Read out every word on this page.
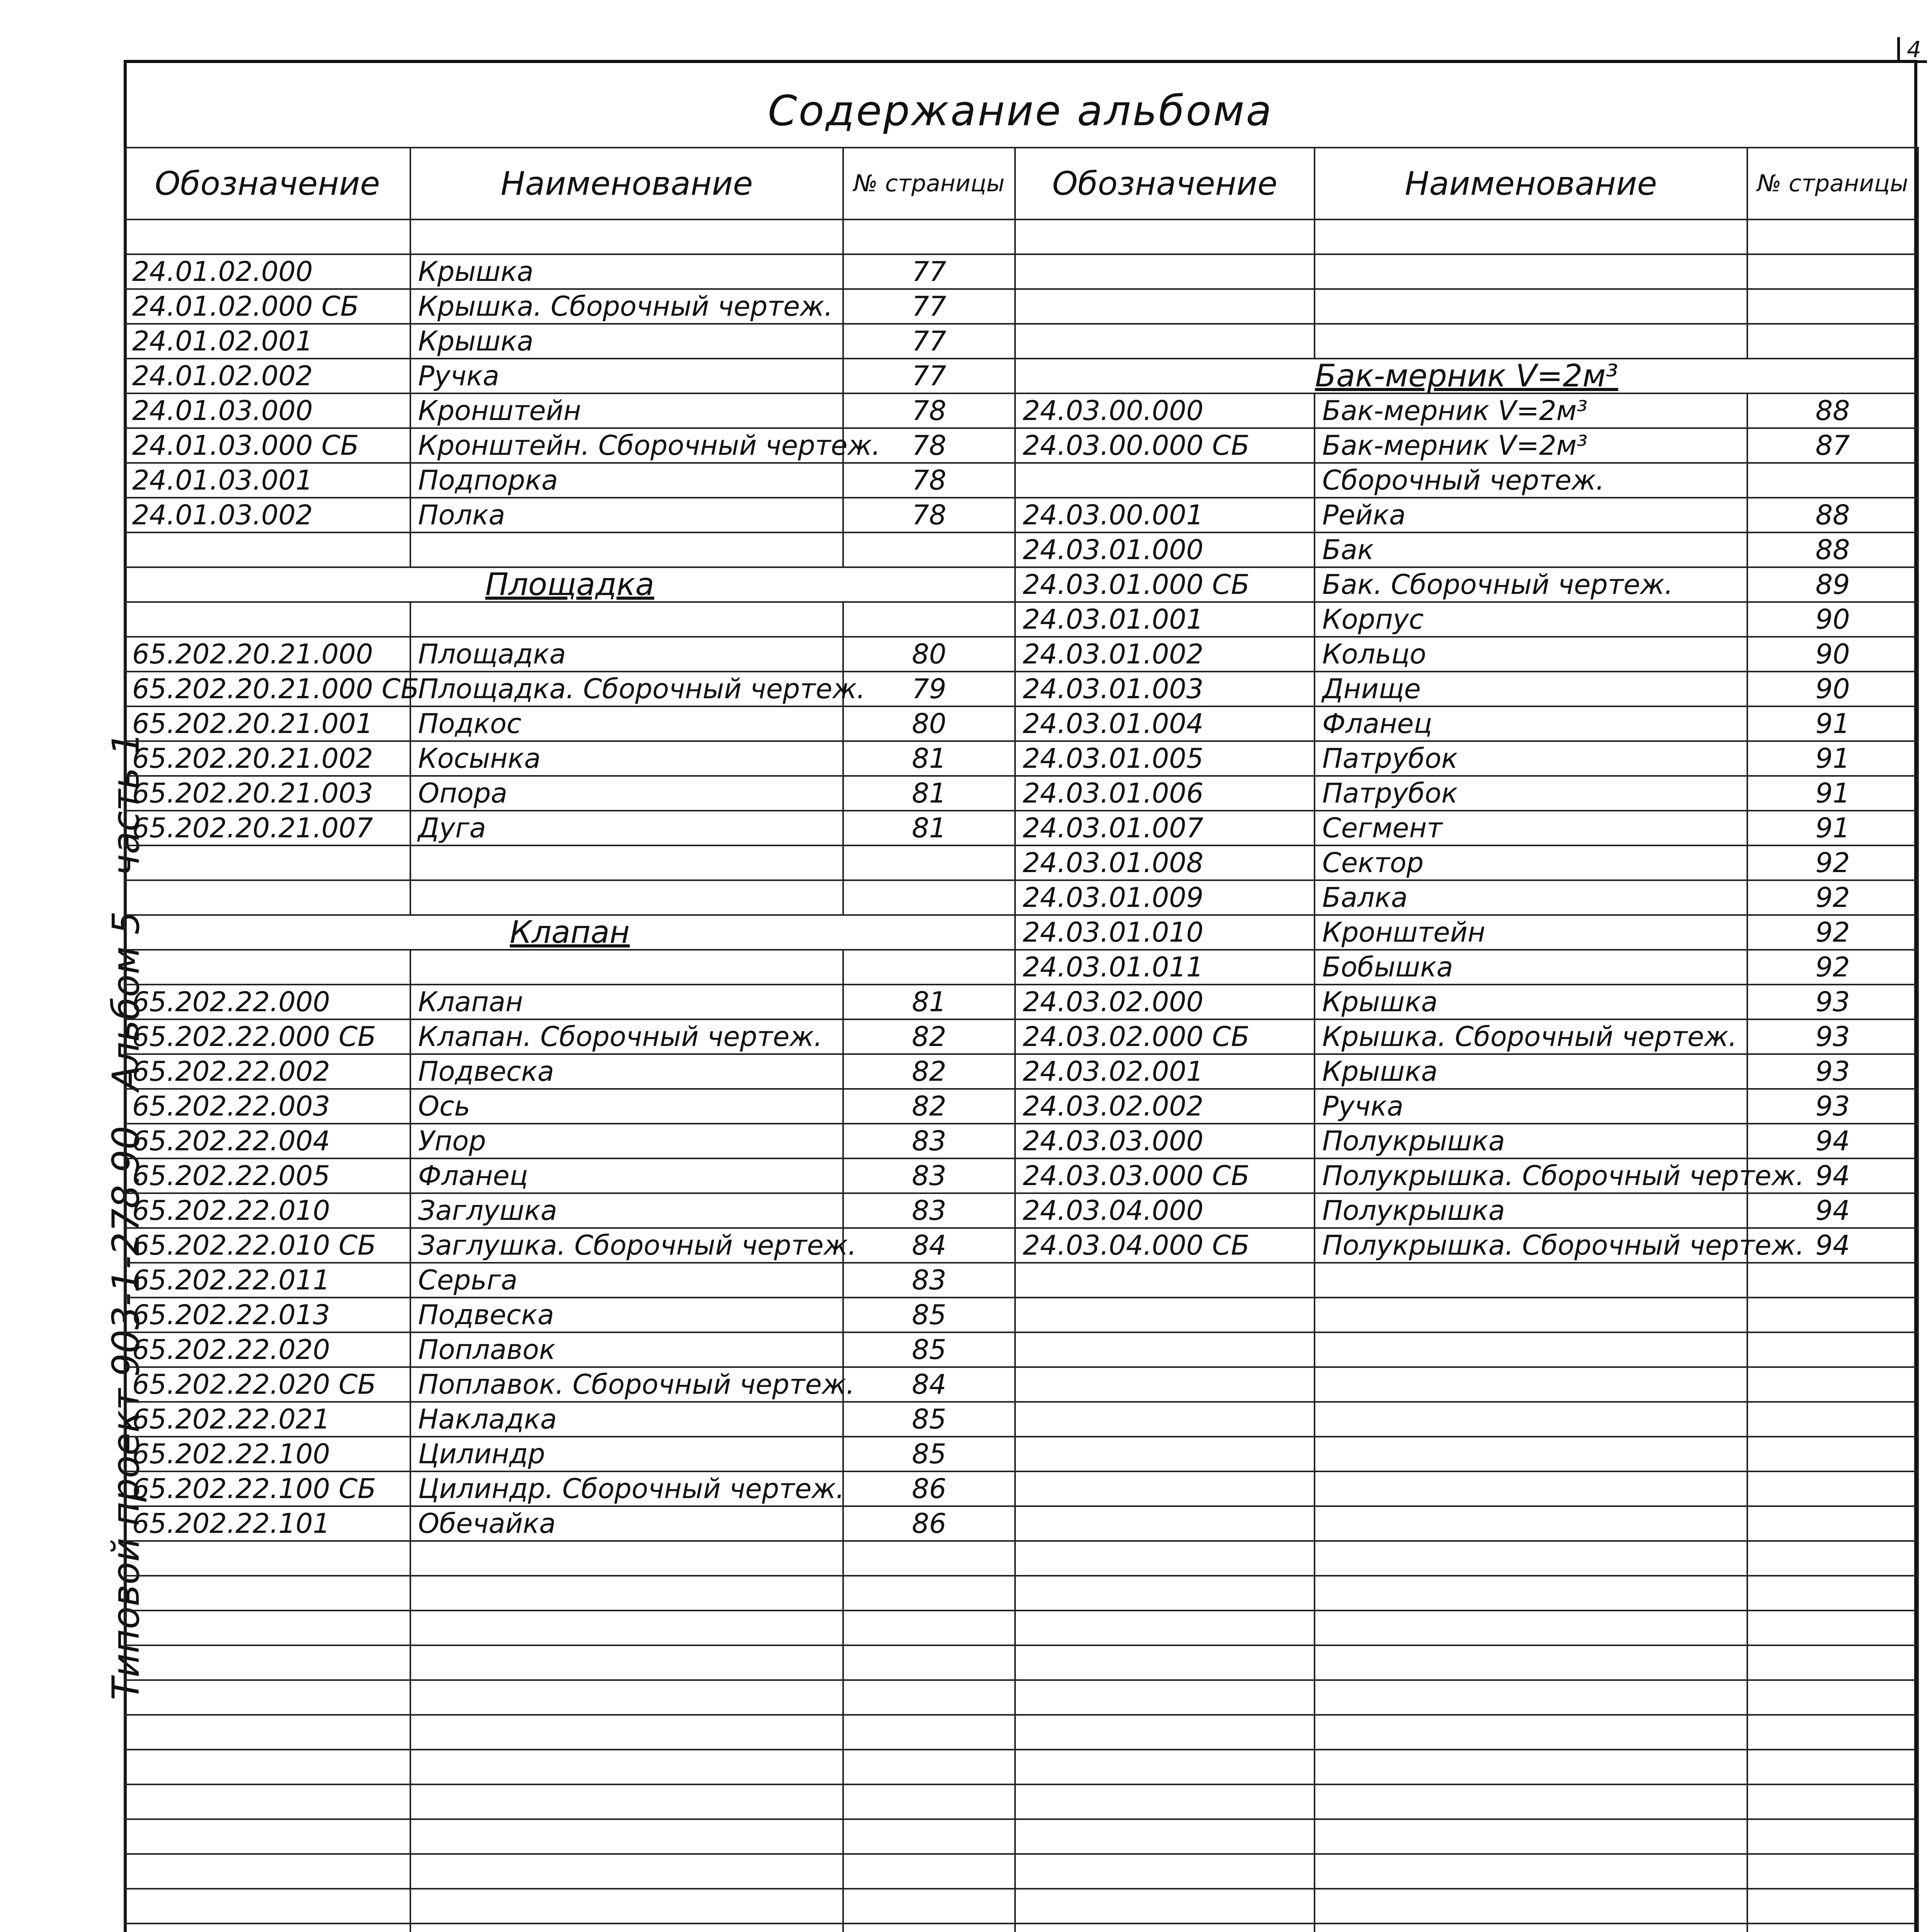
4
Типовой проект 903-1-278.90 Альбом 5 часть 1
Содержание альбома
Обозначение	Наименование	№ страницы	Обозначение	Наименование	№ страницы

24.01.02.000	Крышка	77			
24.01.02.000 СБ	Крышка. Сборочный чертеж.	77			
24.01.02.001	Крышка	77			
24.01.02.002	Ручка	77	Бак-мерник V=2м³		
24.01.03.000	Кронштейн	78	24.03.00.000	Бак-мерник V=2м³	88
24.01.03.000 СБ	Кронштейн. Сборочный чертеж.	78	24.03.00.000 СБ	Бак-мерник V=2м³	87
24.01.03.001	Подпорка	78		Сборочный чертеж.	
24.01.03.002	Полка	78	24.03.00.001	Рейка	88
			24.03.01.000	Бак	88
Площадка			24.03.01.000 СБ	Бак. Сборочный чертеж.	89
			24.03.01.001	Корпус	90
65.202.20.21.000	Площадка	80	24.03.01.002	Кольцо	90
65.202.20.21.000 СБ	Площадка. Сборочный чертеж.	79	24.03.01.003	Днище	90
65.202.20.21.001	Подкос	80	24.03.01.004	Фланец	91
65.202.20.21.002	Косынка	81	24.03.01.005	Патрубок	91
65.202.20.21.003	Опора	81	24.03.01.006	Патрубок	91
65.202.20.21.007	Дуга	81	24.03.01.007	Сегмент	91
			24.03.01.008	Сектор	92
			24.03.01.009	Балка	92
Клапан			24.03.01.010	Кронштейн	92
			24.03.01.011	Бобышка	92
65.202.22.000	Клапан	81	24.03.02.000	Крышка	93
65.202.22.000 СБ	Клапан. Сборочный чертеж.	82	24.03.02.000 СБ	Крышка. Сборочный чертеж.	93
65.202.22.002	Подвеска	82	24.03.02.001	Крышка	93
65.202.22.003	Ось	82	24.03.02.002	Ручка	93
65.202.22.004	Упор	83	24.03.03.000	Полукрышка	94
65.202.22.005	Фланец	83	24.03.03.000 СБ	Полукрышка. Сборочный чертеж.	94
65.202.22.010	Заглушка	83	24.03.04.000	Полукрышка	94
65.202.22.010 СБ	Заглушка. Сборочный чертеж.	84	24.03.04.000 СБ	Полукрышка. Сборочный чертеж.	94
65.202.22.011	Серьга	83			
65.202.22.013	Подвеска	85			
65.202.22.020	Поплавок	85			
65.202.22.020 СБ	Поплавок. Сборочный чертеж.	84			
65.202.22.021	Накладка	85			
65.202.22.100	Цилиндр	85			
65.202.22.100 СБ	Цилиндр. Сборочный чертеж.	86			
65.202.22.101	Обечайка	86			
